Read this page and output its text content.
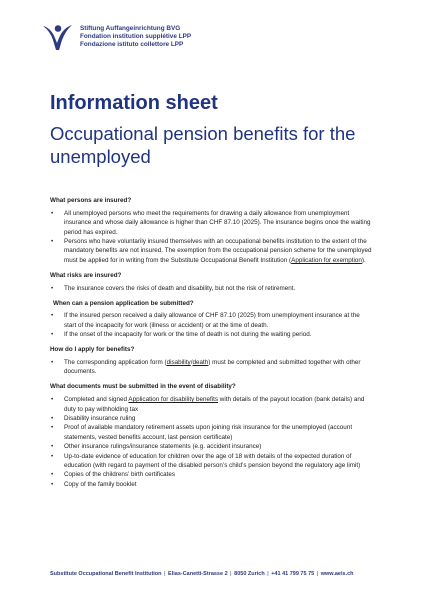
Stiftung Auffangeinrichtung BVG
Fondation institution supplétive LPP
Fondazione istituto collettore LPP
Information sheet
Occupational pension benefits for the unemployed

What persons are insured?

• All unemployed persons who meet the requirements for drawing a daily allowance from unemployment insurance and whose daily allowance is higher than CHF 87.10 (2025). The insurance begins once the waiting period has expired.
• Persons who have voluntarily insured themselves with an occupational benefits institution to the extent of the mandatory benefits are not insured. The exemption from the occupational pension scheme for the unemployed must be applied for in writing from the Substitute Occupational Benefit Institution (Application for exemption).

What risks are insured?

• The insurance covers the risks of death and disability, but not the risk of retirement.

When can a pension application be submitted?

• If the insured person received a daily allowance of CHF 87.10 (2025) from unemployment insurance at the start of the incapacity for work (illness or accident) or at the time of death.
• If the onset of the incapacity for work or the time of death is not during the waiting period.

How do I apply for benefits?

• The corresponding application form (disability/death) must be completed and submitted together with other documents.

What documents must be submitted in the event of disability?

• Completed and signed Application for disability benefits with details of the payout location (bank details) and duty to pay withholding tax
• Disability insurance ruling
• Proof of available mandatory retirement assets upon joining risk insurance for the unemployed (account statements, vested benefits account, last pension certificate)
• Other insurance rulings/insurance statements (e.g. accident insurance)
• Up-to-date evidence of education for children over the age of 18 with details of the expected duration of education (with regard to payment of the disabled person’s child’s pension beyond the regulatory age limit)
• Copies of the childrens’ birth certificates
• Copy of the family booklet
Substitute Occupational Benefit Institution | Elias-Canetti-Strasse 2 | 8050 Zurich | +41 41 799 75 75 | www.aeis.ch
